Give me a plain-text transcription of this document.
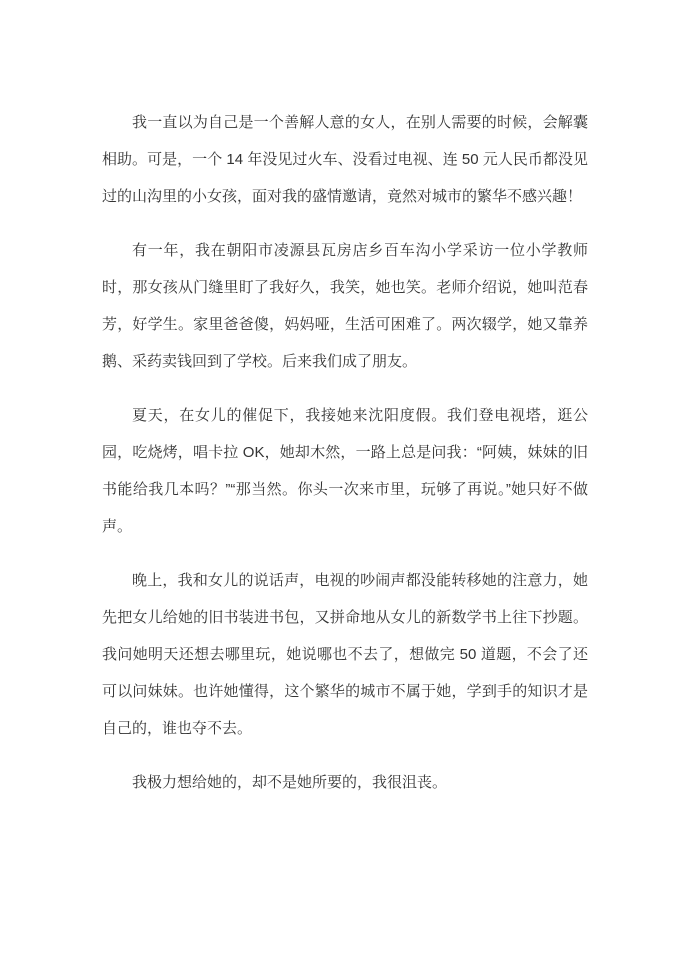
我一直以为自己是一个善解人意的女人，在别人需要的时候，会解囊相助。可是，一个 14 年没见过火车、没看过电视、连 50 元人民币都没见过的山沟里的小女孩，面对我的盛情邀请，竟然对城市的繁华不感兴趣！

有一年，我在朝阳市凌源县瓦房店乡百车沟小学采访一位小学教师时，那女孩从门缝里盯了我好久，我笑，她也笑。老师介绍说，她叫范春芳，好学生。家里爸爸傻，妈妈哑，生活可困难了。两次辍学，她又靠养鹅、采药卖钱回到了学校。后来我们成了朋友。

夏天，在女儿的催促下，我接她来沈阳度假。我们登电视塔，逛公园，吃烧烤，唱卡拉 OK，她却木然，一路上总是问我：“阿姨，妹妹的旧书能给我几本吗？”“那当然。你头一次来市里，玩够了再说。”她只好不做声。

晚上，我和女儿的说话声，电视的吵闹声都没能转移她的注意力，她先把女儿给她的旧书装进书包，又拼命地从女儿的新数学书上往下抄题。我问她明天还想去哪里玩，她说哪也不去了，想做完 50 道题，不会了还可以问妹妹。也许她懂得，这个繁华的城市不属于她，学到手的知识才是自己的，谁也夺不去。

我极力想给她的，却不是她所要的，我很沮丧。
